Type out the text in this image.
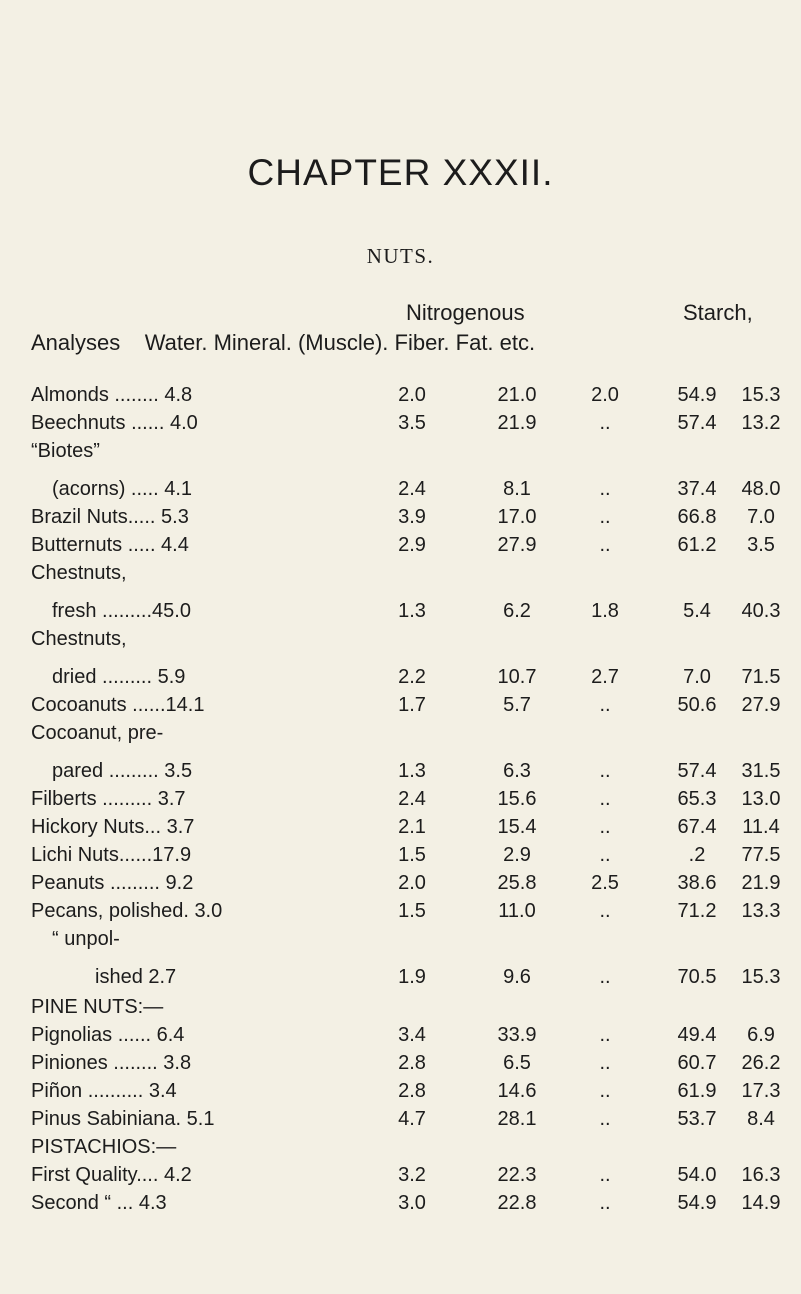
CHAPTER XXXII.
NUTS.
Nitrogenous	Starch,
Analyses    Water. Mineral. (Muscle). Fiber. Fat. etc.
Almonds ........ 4.8	2.0	21.0	2.0	54.9 15.3
Beechnuts ...... 4.0	3.5	21.9	..	57.4 13.2
“Biotes”
(acorns) ..... 4.1	2.4	8.1	..	37.4 48.0
Brazil Nuts..... 5.3	3.9	17.0	..	66.8 7.0
Butternuts ..... 4.4	2.9	27.9	..	61.2 3.5
Chestnuts,
fresh .........45.0	1.3	6.2	1.8	5.4 40.3
Chestnuts,
dried ......... 5.9	2.2	10.7	2.7	7.0 71.5
Cocoanuts ......14.1	1.7	5.7	..	50.6 27.9
Cocoanut, pre-
pared ......... 3.5	1.3	6.3	..	57.4 31.5
Filberts ......... 3.7	2.4	15.6	..	65.3 13.0
Hickory Nuts... 3.7	2.1	15.4	..	67.4 11.4
Lichi Nuts......17.9	1.5	2.9	..	.2 77.5
Peanuts ......... 9.2	2.0	25.8	2.5	38.6 21.9
Pecans, polished. 3.0	1.5	11.0	..	71.2 13.3
“ unpol-
ished 2.7	1.9	9.6	..	70.5 15.3
PINE NUTS:—
Pignolias ...... 6.4	3.4	33.9	..	49.4 6.9
Piniones ........ 3.8	2.8	6.5	..	60.7 26.2
Piñon .......... 3.4	2.8	14.6	..	61.9 17.3
Pinus Sabiniana. 5.1	4.7	28.1	..	53.7 8.4
PISTACHIOS:—
First Quality.... 4.2	3.2	22.3	..	54.0 16.3
Second “ ... 4.3	3.0	22.8	..	54.9 14.9
